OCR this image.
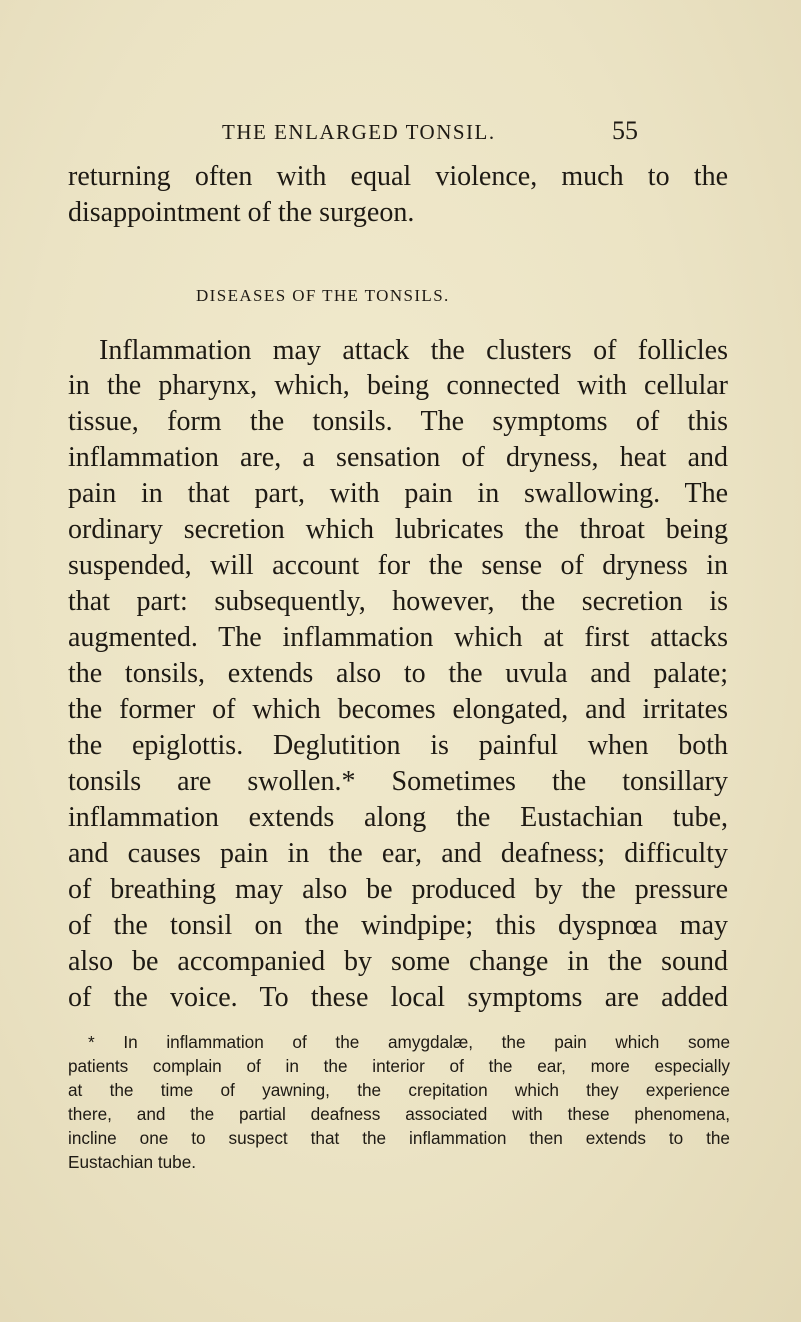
THE ENLARGED TONSIL.	55
returning often with equal violence, much to the
disappointment of the surgeon.
Inflammation may attack the clusters of follicles
in the pharynx, which, being connected with cellular
tissue, form the tonsils. The symptoms of this
inflammation are, a sensation of dryness, heat and
pain in that part, with pain in swallowing. The
ordinary secretion which lubricates the throat being
suspended, will account for the sense of dryness in
that part: subsequently, however, the secretion is
augmented. The inflammation which at first attacks
the tonsils, extends also to the uvula and palate;
the former of which becomes elongated, and irritates
the epiglottis. Deglutition is painful when both
tonsils are swollen.* Sometimes the tonsillary
inflammation extends along the Eustachian tube,
and causes pain in the ear, and deafness; difficulty
of breathing may also be produced by the pressure
of the tonsil on the windpipe; this dyspnœa may
also be accompanied by some change in the sound
of the voice. To these local symptoms are added
* In inflammation of the amygdalæ, the pain which some
patients complain of in the interior of the ear, more especially
at the time of yawning, the crepitation which they experience
there, and the partial deafness associated with these phenomena,
incline one to suspect that the inflammation then extends to the
Eustachian tube.
DISEASES OF THE TONSILS.
